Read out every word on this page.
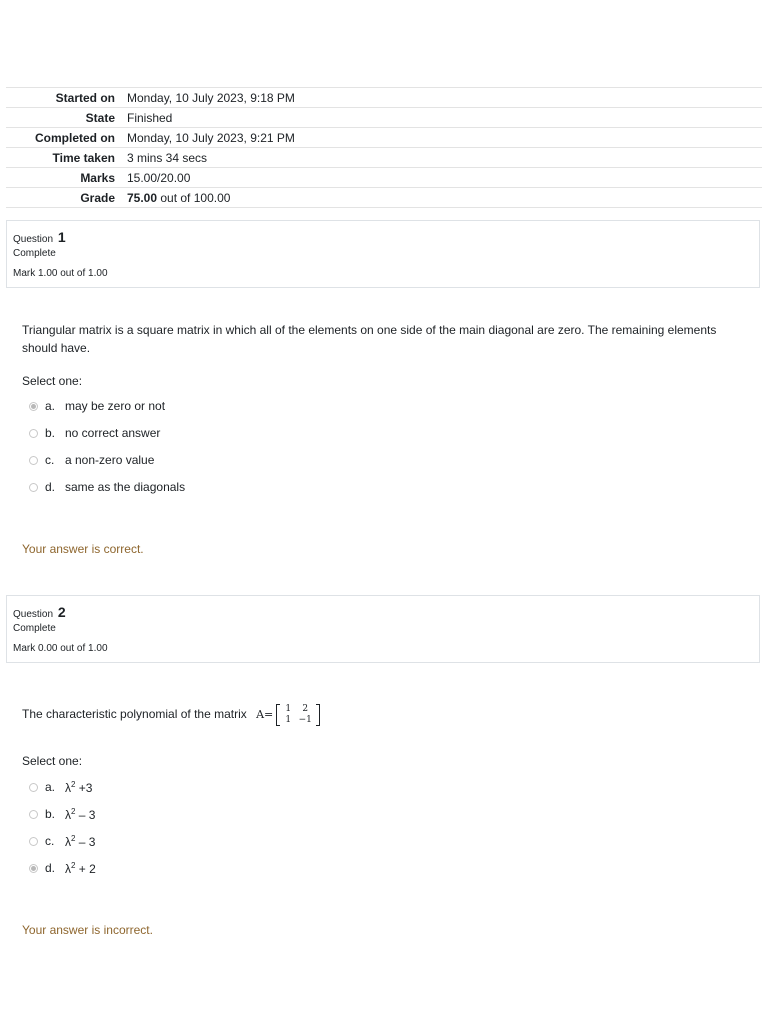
Started on	Monday, 10 July 2023, 9:18 PM
State	Finished
Completed on	Monday, 10 July 2023, 9:21 PM
Time taken	3 mins 34 secs
Marks	15.00/20.00
Grade	75.00 out of 100.00
Question 1
Complete
Mark 1.00 out of 1.00
Triangular matrix is a square matrix in which all of the elements on one side of the main diagonal are zero. The remaining elements should have.
Select one:
a. may be zero or not
b. no correct answer
c. a non-zero value
d. same as the diagonals
Your answer is correct.
Question 2
Complete
Mark 0.00 out of 1.00
The characteristic polynomial of the matrix A=	1	2
1 −1
Select one:
a. $\lambda^2 +3$
b. $\lambda^2 - 3$
c. $\lambda^2 - 3$
d. $\lambda^2 + 2$
Your answer is incorrect.
